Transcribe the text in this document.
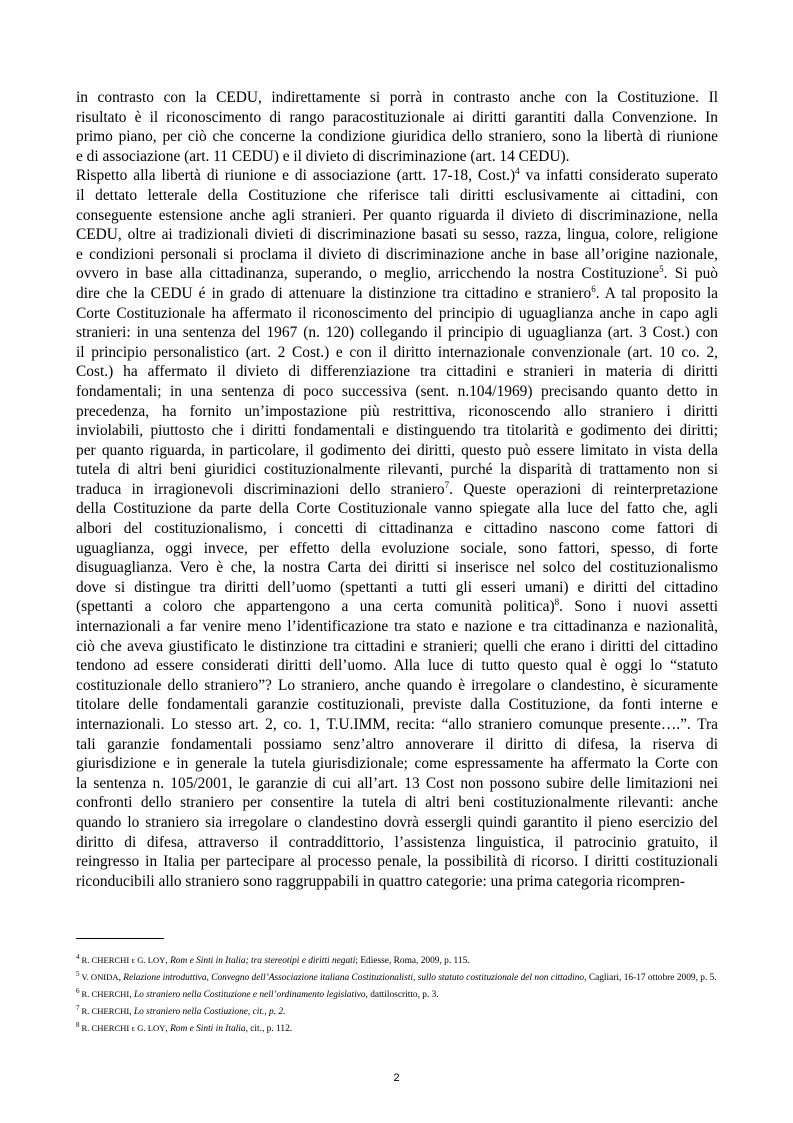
in contrasto con la CEDU, indirettamente si porrà in contrasto anche con la Costituzione. Il
risultato è il riconoscimento di rango paracostituzionale ai diritti garantiti dalla Convenzione. In
primo piano, per ciò che concerne la condizione giuridica dello straniero, sono la libertà di riunione
e di associazione (art. 11 CEDU) e il divieto di discriminazione (art. 14 CEDU).

Rispetto alla libertà di riunione e di associazione (artt. 17-18, Cost.)$^4$ va infatti considerato superato
il dettato letterale della Costituzione che riferisce tali diritti esclusivamente ai cittadini, con
conseguente estensione anche agli stranieri. Per quanto riguarda il divieto di discriminazione, nella
CEDU, oltre ai tradizionali divieti di discriminazione basati su sesso, razza, lingua, colore, religione
e condizioni personali si proclama il divieto di discriminazione anche in base all’origine nazionale,
ovvero in base alla cittadinanza, superando, o meglio, arricchendo la nostra Costituzione$^5$. Si può
dire che la CEDU é in grado di attenuare la distinzione tra cittadino e straniero$^6$. A tal proposito la
Corte Costituzionale ha affermato il riconoscimento del principio di uguaglianza anche in capo agli
stranieri: in una sentenza del 1967 (n. 120) collegando il principio di uguaglianza (art. 3 Cost.) con
il principio personalistico (art. 2 Cost.) e con il diritto internazionale convenzionale (art. 10 co. 2,
Cost.) ha affermato il divieto di differenziazione tra cittadini e stranieri in materia di diritti
fondamentali; in una sentenza di poco successiva (sent. n.104/1969) precisando quanto detto in
precedenza, ha fornito un’impostazione più restrittiva, riconoscendo allo straniero i diritti
inviolabili, piuttosto che i diritti fondamentali e distinguendo tra titolarità e godimento dei diritti;
per quanto riguarda, in particolare, il godimento dei diritti, questo può essere limitato in vista della
tutela di altri beni giuridici costituzionalmente rilevanti, purché la disparità di trattamento non si
traduca in irragionevoli discriminazioni dello straniero$^7$. Queste operazioni di reinterpretazione
della Costituzione da parte della Corte Costituzionale vanno spiegate alla luce del fatto che, agli
albori del costituzionalismo, i concetti di cittadinanza e cittadino nascono come fattori di
uguaglianza, oggi invece, per effetto della evoluzione sociale, sono fattori, spesso, di forte
disuguaglianza. Vero è che, la nostra Carta dei diritti si inserisce nel solco del costituzionalismo
dove si distingue tra diritti dell’uomo (spettanti a tutti gli esseri umani) e diritti del cittadino
(spettanti a coloro che appartengono a una certa comunità politica)$^8$. Sono i nuovi assetti
internazionali a far venire meno l’identificazione tra stato e nazione e tra cittadinanza e nazionalità,
ciò che aveva giustificato le distinzione tra cittadini e stranieri; quelli che erano i diritti del cittadino
tendono ad essere considerati diritti dell’uomo. Alla luce di tutto questo qual è oggi lo “statuto
costituzionale dello straniero”? Lo straniero, anche quando è irregolare o clandestino, è sicuramente
titolare delle fondamentali garanzie costituzionali, previste dalla Costituzione, da fonti interne e
internazionali. Lo stesso art. 2, co. 1, T.U.IMM, recita: “allo straniero comunque presente….”. Tra
tali garanzie fondamentali possiamo senz’altro annoverare il diritto di difesa, la riserva di
giurisdizione e in generale la tutela giurisdizionale; come espressamente ha affermato la Corte con
la sentenza n. 105/2001, le garanzie di cui all’art. 13 Cost non possono subire delle limitazioni nei
confronti dello straniero per consentire la tutela di altri beni costituzionalmente rilevanti: anche
quando lo straniero sia irregolare o clandestino dovrà essergli quindi garantito il pieno esercizio del
diritto di difesa, attraverso il contraddittorio, l’assistenza linguistica, il patrocinio gratuito, il
reingresso in Italia per partecipare al processo penale, la possibilità di ricorso. I diritti costituzionali
riconducibili allo straniero sono raggruppabili in quattro categorie: una prima categoria ricompren-

$^4$ R. CHERCHI e G. LOY, Rom e Sinti in Italia; tra stereotipi e diritti negati; Ediesse, Roma, 2009, p. 115.

$^5$ V. ONIDA, Relazione introduttiva, Convegno dell’Associazione italiana Costituzionalisti, sullo statuto costituzionale del non cittadino, Cagliari, 16-17 ottobre 2009, p. 5.

$^6$ R. CHERCHI, Lo straniero nella Costituzione e nell’ordinamento legislativo, dattiloscritto, p. 3.

$^7$ R. CHERCHI, Lo straniero nella Costiuzione, cit., p. 2.

$^8$ R. CHERCHI e G. LOY, Rom e Sinti in Italia, cit., p. 112.

2
